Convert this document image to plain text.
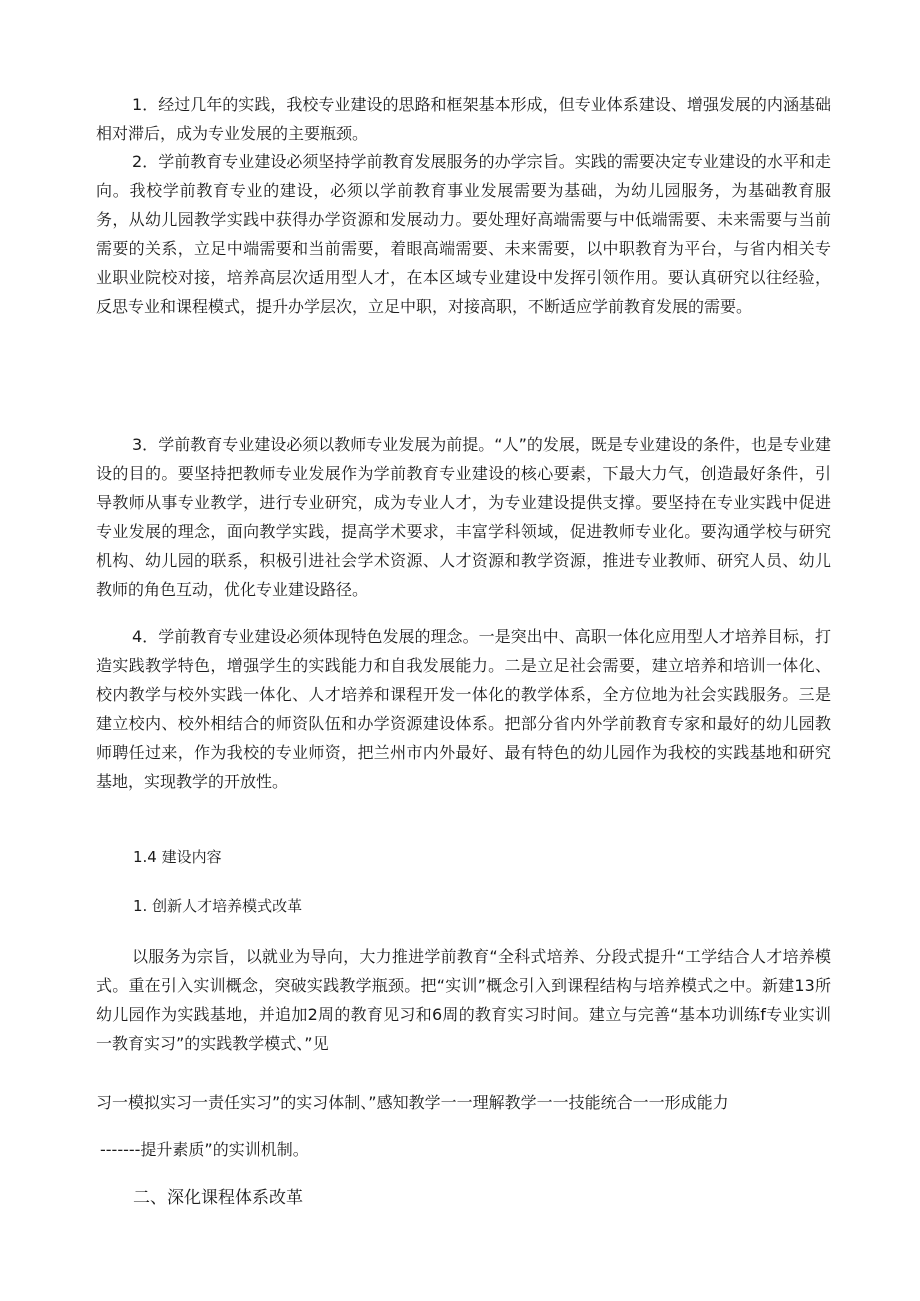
1．经过几年的实践，我校专业建设的思路和框架基本形成，但专业体系建设、增强发展的内涵基础相对滞后，成为专业发展的主要瓶颈。

2．学前教育专业建设必须坚持学前教育发展服务的办学宗旨。实践的需要决定专业建设的水平和走向。我校学前教育专业的建设，必须以学前教育事业发展需要为基础，为幼儿园服务，为基础教育服务，从幼儿园教学实践中获得办学资源和发展动力。要处理好高端需要与中低端需要、未来需要与当前需要的关系，立足中端需要和当前需要，着眼高端需要、未来需要，以中职教育为平台，与省内相关专业职业院校对接，培养高层次适用型人才，在本区域专业建设中发挥引领作用。要认真研究以往经验，反思专业和课程模式，提升办学层次，立足中职，对接高职，不断适应学前教育发展的需要。

3．学前教育专业建设必须以教师专业发展为前提。“人”的发展，既是专业建设的条件，也是专业建设的目的。要坚持把教师专业发展作为学前教育专业建设的核心要素，下最大力气，创造最好条件，引导教师从事专业教学，进行专业研究，成为专业人才，为专业建设提供支撑。要坚持在专业实践中促进专业发展的理念，面向教学实践，提高学术要求，丰富学科领域，促进教师专业化。要沟通学校与研究机构、幼儿园的联系，积极引进社会学术资源、人才资源和教学资源，推进专业教师、研究人员、幼儿教师的角色互动，优化专业建设路径。

4．学前教育专业建设必须体现特色发展的理念。一是突出中、高职一体化应用型人才培养目标，打造实践教学特色，增强学生的实践能力和自我发展能力。二是立足社会需要，建立培养和培训一体化、校内教学与校外实践一体化、人才培养和课程开发一体化的教学体系，全方位地为社会实践服务。三是建立校内、校外相结合的师资队伍和办学资源建设体系。把部分省内外学前教育专家和最好的幼儿园教师聘任过来，作为我校的专业师资，把兰州市内外最好、最有特色的幼儿园作为我校的实践基地和研究基地，实现教学的开放性。

1.4 建设内容

1. 创新人才培养模式改革

以服务为宗旨，以就业为导向，大力推进学前教育“全科式培养、分段式提升“工学结合人才培养模式。重在引入实训概念，突破实践教学瓶颈。把“实训”概念引入到课程结构与培养模式之中。新建13所幼儿园作为实践基地，并追加2周的教育见习和6周的教育实习时间。建立与完善“基本功训练f专业实训一教育实习”的实践教学模式、”见

习一模拟实习一责任实习”的实习体制、”感知教学一一理解教学一一技能统合一一形成能力

-------提升素质”的实训机制。

二、深化课程体系改革
